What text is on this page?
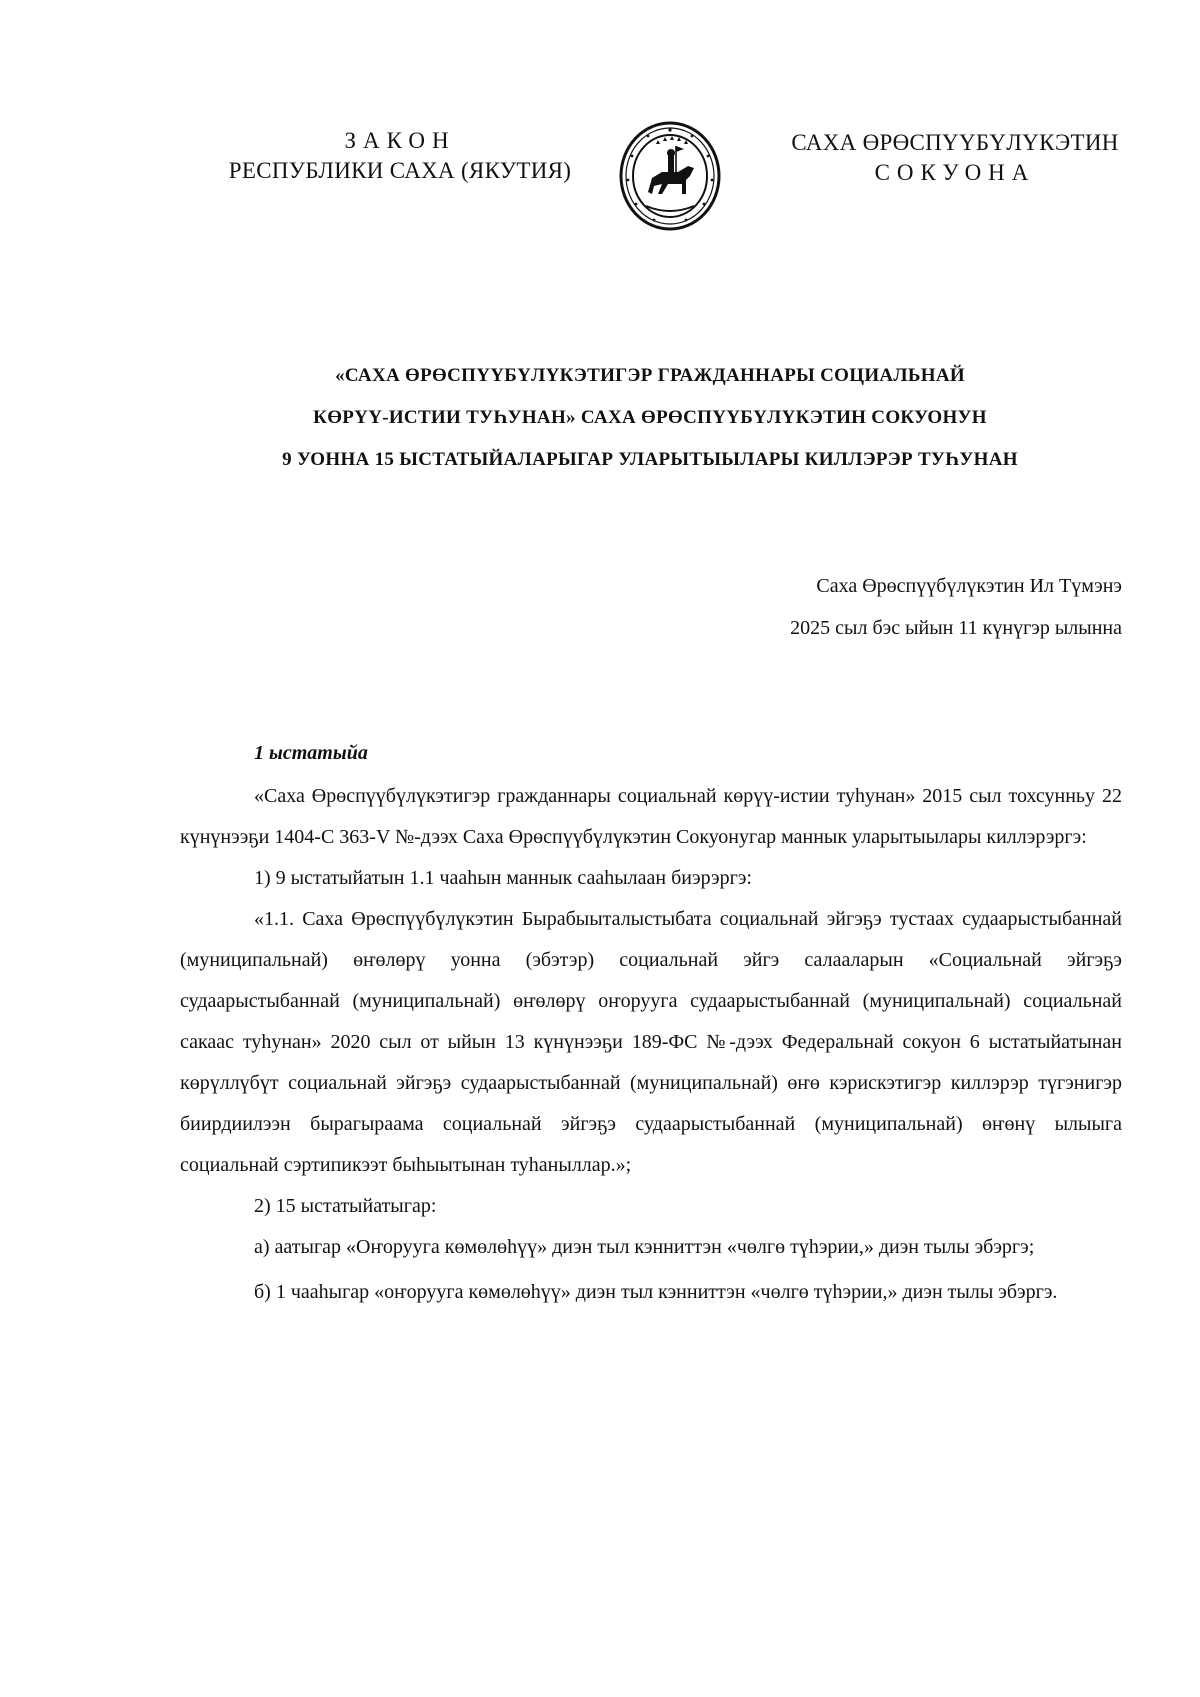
ЗАКОН
РЕСПУБЛИКИ САХА (ЯКУТИЯ)
САХА ӨРӨСПҮҮБҮЛҮКЭТИН
СОКУОНА
«САХА ӨРӨСПҮҮБҮЛҮКЭТИГЭР ГРАЖДАННАРЫ СОЦИАЛЬНАЙ
КӨРҮҮ-ИСТИИ ТУҺУНАН» САХА ӨРӨСПҮҮБҮЛҮКЭТИН СОКУОНУН
9 УОННА 15 ЫСТАТЫЙАЛАРЫГАР УЛАРЫТЫЫЛАРЫ КИЛЛЭРЭР ТУҺУНАН
Саха Өрөспүүбүлүкэтин Ил Түмэнэ
2025 сыл бэс ыйын 11 күнүгэр ылынна
1 ыстатыйа

«Саха Өрөспүүбүлүкэтигэр гражданнары социальнай көрүү-истии туһунан» 2015 сыл тохсунньу 22 күнүнээҕи 1404-С 363-V №-дээх Саха Өрөспүүбүлүкэтин Сокуонугар маннык уларытыылары киллэрэргэ:

1) 9 ыстатыйатын 1.1 чааһын маннык сааһылаан биэрэргэ:

«1.1. Саха Өрөспүүбүлүкэтин Бырабыыталыстыбата социальнай эйгэҕэ тустаах судаарыстыбаннай (муниципальнай) өҥөлөрү уонна (эбэтэр) социальнай эйгэ салааларын «Социальнай эйгэҕэ судаарыстыбаннай (муниципальнай) өҥөлөрү оҥорууга судаарыстыбаннай (муниципальнай) социальнай сакаас туһунан» 2020 сыл от ыйын 13 күнүнээҕи 189-ФС №-дээх Федеральнай сокуон 6 ыстатыйатынан көрүллүбүт социальнай эйгэҕэ судаарыстыбаннай (муниципальнай) өҥө кэрискэтигэр киллэрэр түгэнигэр биирдиилээн бырагыраама социальнай эйгэҕэ судаарыстыбаннай (муниципальнай) өҥөнү ылыыга социальнай сэртипикээт быһыытынан туһаныллар.»;

2) 15 ыстатыйатыгар:

а) аатыгар «Оҥорууга көмөлөһүү» диэн тыл кэнниттэн «чөлгө түһэрии,» диэн тылы эбэргэ;

б) 1 чааһыгар «оҥорууга көмөлөһүү» диэн тыл кэнниттэн «чөлгө түһэрии,» диэн тылы эбэргэ.
